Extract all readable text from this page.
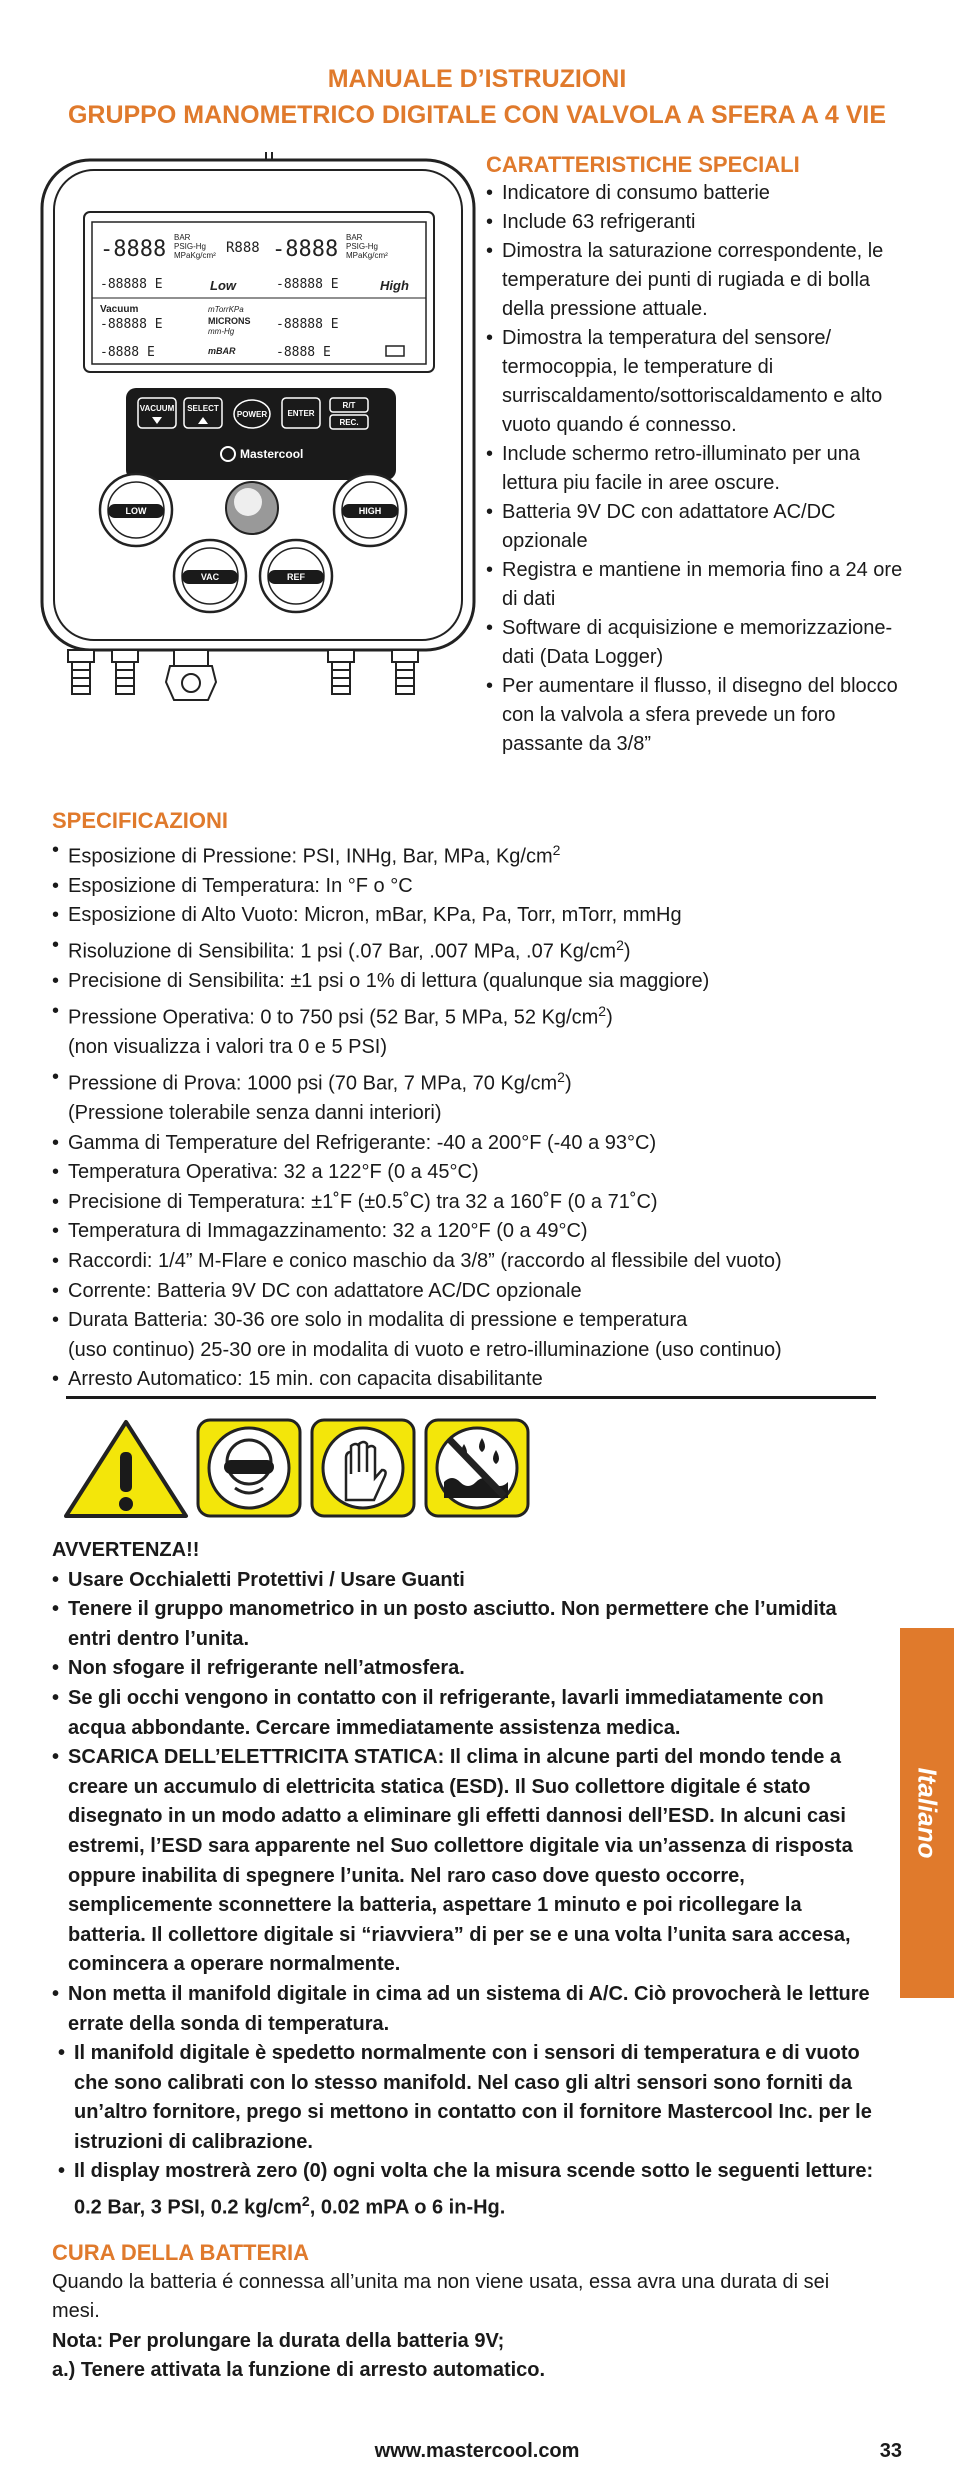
MANUALE D’ISTRUZIONI
GRUPPO MANOMETRICO DIGITALE CON VALVOLA A SFERA A 4 VIE
-8888 BAR
PSIG-Hg
MPaKg/cm² R888 -8888 BAR
PSIG-Hg
MPaKg/cm²
-88888 E	Low	-88888 E	High
Vacuum
-88888 E
mTorrKPa
MICRONS
mm-Hg	-88888 E
-8888 E	mBAR	-8888 E
VACUUM SELECT
POWER	ENTER
R/T
REC.
Mastercool
LOW	HIGH
VAC	REF
CARATTERISTICHE SPECIALI
• Indicatore di consumo batterie
• Include 63 refrigeranti
• Dimostra la saturazione correspondente, le temperature dei punti di rugiada e di bolla della pressione attuale.
• Dimostra la temperatura del sensore/ termocoppia, le temperature di surriscaldamento/sottoriscaldamento e alto vuoto quando é connesso.
• Include schermo retro-illuminato per una lettura piu facile in aree oscure.
• Batteria 9V DC con adattatore AC/DC opzionale
• Registra e mantiene in memoria fino a 24 ore di dati
• Software di acquisizione e memorizzazione-dati (Data Logger)
• Per aumentare il flusso, il disegno del blocco con la valvola a sfera prevede un foro passante da 3/8”
SPECIFICAZIONI
• Esposizione di Pressione: PSI, INHg, Bar, MPa, $Kg/cm^2$
• Esposizione di Temperatura: In °F o °C
• Esposizione di Alto Vuoto: Micron, mBar, KPa, Pa, Torr, mTorr, mmHg
• Risoluzione di Sensibilita: 1 psi (.07 Bar, .007 MPa, .07 $Kg/cm^2$)
• Precisione di Sensibilita: ±1 psi o 1% di lettura (qualunque sia maggiore)
• Pressione Operativa: 0 to 750 psi (52 Bar, 5 MPa, 52 $Kg/cm^2$)
(non visualizza i valori tra 0 e 5 PSI)
• Pressione di Prova: 1000 psi (70 Bar, 7 MPa, 70 $Kg/cm^2$)
(Pressione tolerabile senza danni interiori)
• Gamma di Temperature del Refrigerante: -40 a 200°F (-40 a 93°C)
• Temperatura Operativa: 32 a 122°F (0 a 45°C)
• Precisione di Temperatura: ±1˚F (±0.5˚C) tra 32 a 160˚F (0 a 71˚C)
• Temperatura di Immagazzinamento: 32 a 120°F (0 a 49°C)
• Raccordi: 1/4” M-Flare e conico maschio da 3/8” (raccordo al flessibile del vuoto)
• Corrente: Batteria 9V DC con adattatore AC/DC opzionale
• Durata Batteria: 30-36 ore solo in modalita di pressione e temperatura
(uso continuo) 25-30 ore in modalita di vuoto e retro-illuminazione (uso continuo)
• Arresto Automatico: 15 min. con capacita disabilitante
AVVERTENZA!!
• Usare Occhialetti Protettivi / Usare Guanti
• Tenere il gruppo manometrico in un posto asciutto. Non permettere che l’umidita entri dentro l’unita.
• Non sfogare il refrigerante nell’atmosfera.
• Se gli occhi vengono in contatto con il refrigerante, lavarli immediatamente con acqua abbondante. Cercare immediatamente assistenza medica.
• SCARICA DELL’ELETTRICITA STATICA: Il clima in alcune parti del mondo tende a creare un accumulo di elettricita statica (ESD). Il Suo collettore digitale é stato disegnato in un modo adatto a eliminare gli effetti dannosi dell’ESD. In alcuni casi estremi, l’ESD sara apparente nel Suo collettore digitale via un’assenza di risposta oppure inabilita di spegnere l’unita. Nel raro caso dove questo occorre, semplicemente sconnettere la batteria, aspettare 1 minuto e poi ricollegare la batteria. Il collettore digitale si “riavviera” di per se e una volta l’unita sara accesa, comincera a operare normalmente.
• Non metta il manifold digitale in cima ad un sistema di A/C. Ciò provocherà le letture errate della sonda di temperatura.
• Il manifold digitale è spedetto normalmente con i sensori di temperatura e di vuoto che sono calibrati con lo stesso manifold. Nel caso gli altri sensori sono forniti da un’altro fornitore, prego si mettono in contatto con il fornitore Mastercool Inc. per le istruzioni di calibrazione.
• Il display mostrerà zero (0) ogni volta che la misura scende sotto le seguenti letture: 0.2 Bar, 3 PSI, 0.2 $kg/cm^2$, 0.02 mPA o 6 in-Hg.
CURA DELLA BATTERIA
Quando la batteria é connessa all’unita ma non viene usata, essa avra una durata di sei mesi.
Nota: Per prolungare la durata della batteria 9V;
a.) Tenere attivata la funzione di arresto automatico.
Italiano
www.mastercool.com	33
